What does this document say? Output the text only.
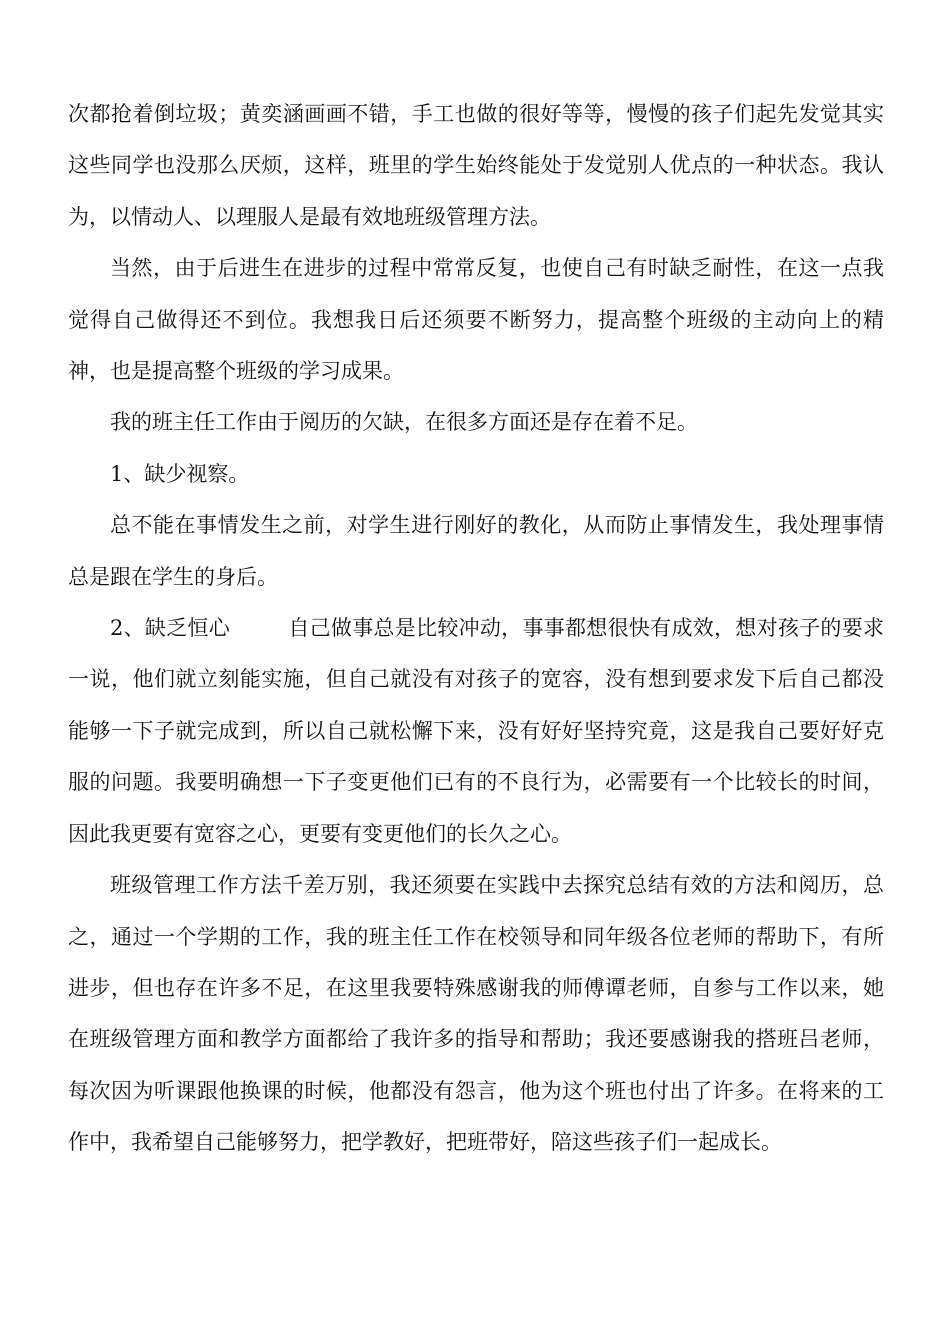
次都抢着倒垃圾；黄奕涵画画不错，手工也做的很好等等，慢慢的孩子们起先发觉其实这些同学也没那么厌烦，这样，班里的学生始终能处于发觉别人优点的一种状态。我认为，以情动人、以理服人是最有效地班级管理方法。

当然，由于后进生在进步的过程中常常反复，也使自己有时缺乏耐性，在这一点我觉得自己做得还不到位。我想我日后还须要不断努力，提高整个班级的主动向上的精神，也是提高整个班级的学习成果。

我的班主任工作由于阅历的欠缺，在很多方面还是存在着不足。

1、缺少视察。

总不能在事情发生之前，对学生进行刚好的教化，从而防止事情发生，我处理事情总是跟在学生的身后。

2、缺乏恒心	自己做事总是比较冲动，事事都想很快有成效，想对孩子的要求一说，他们就立刻能实施，但自己就没有对孩子的宽容，没有想到要求发下后自己都没能够一下子就完成到，所以自己就松懈下来，没有好好坚持究竟，这是我自己要好好克服的问题。我要明确想一下子变更他们已有的不良行为，必需要有一个比较长的时间，因此我更要有宽容之心，更要有变更他们的长久之心。

班级管理工作方法千差万别，我还须要在实践中去探究总结有效的方法和阅历，总之，通过一个学期的工作，我的班主任工作在校领导和同年级各位老师的帮助下，有所进步，但也存在许多不足，在这里我要特殊感谢我的师傅谭老师，自参与工作以来，她在班级管理方面和教学方面都给了我许多的指导和帮助；我还要感谢我的搭班吕老师，每次因为听课跟他换课的时候，他都没有怨言，他为这个班也付出了许多。在将来的工作中，我希望自己能够努力，把学教好，把班带好，陪这些孩子们一起成长。
